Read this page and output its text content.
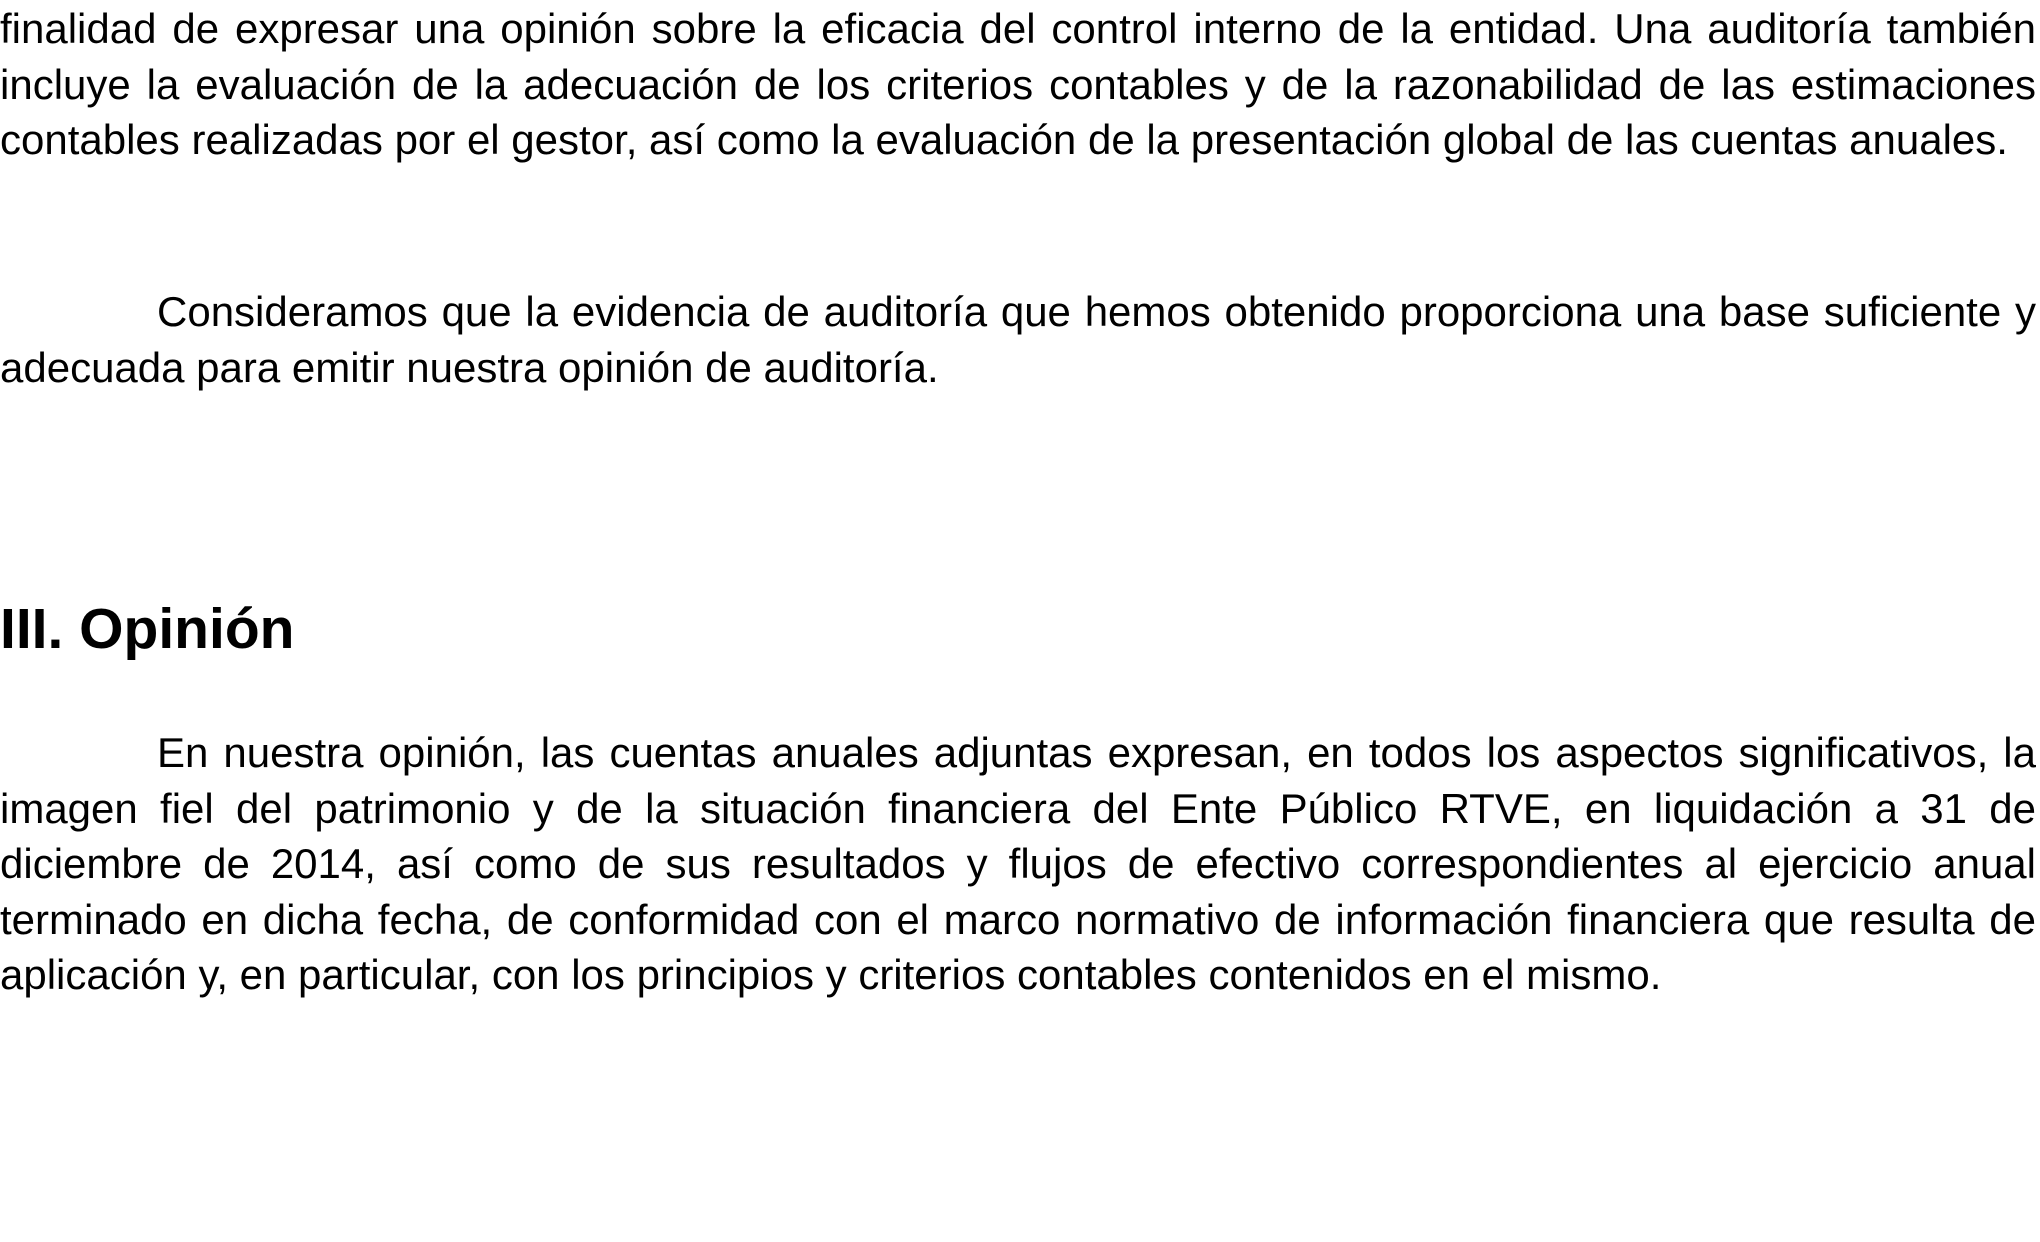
finalidad de expresar una opinión sobre la eficacia del control interno de la entidad. Una auditoría también incluye la evaluación de la adecuación de los criterios contables y de la razonabilidad de las estimaciones contables realizadas por el gestor, así como la evaluación de la presentación global de las cuentas anuales.

Consideramos que la evidencia de auditoría que hemos obtenido proporciona una base suficiente y adecuada para emitir nuestra opinión de auditoría.

III. Opinión

En nuestra opinión, las cuentas anuales adjuntas expresan, en todos los aspectos significativos, la imagen fiel del patrimonio y de la situación financiera del Ente Público RTVE, en liquidación a 31 de diciembre de 2014, así como de sus resultados y flujos de efectivo correspondientes al ejercicio anual terminado en dicha fecha, de conformidad con el marco normativo de información financiera que resulta de aplicación y, en particular, con los principios y criterios contables contenidos en el mismo.
